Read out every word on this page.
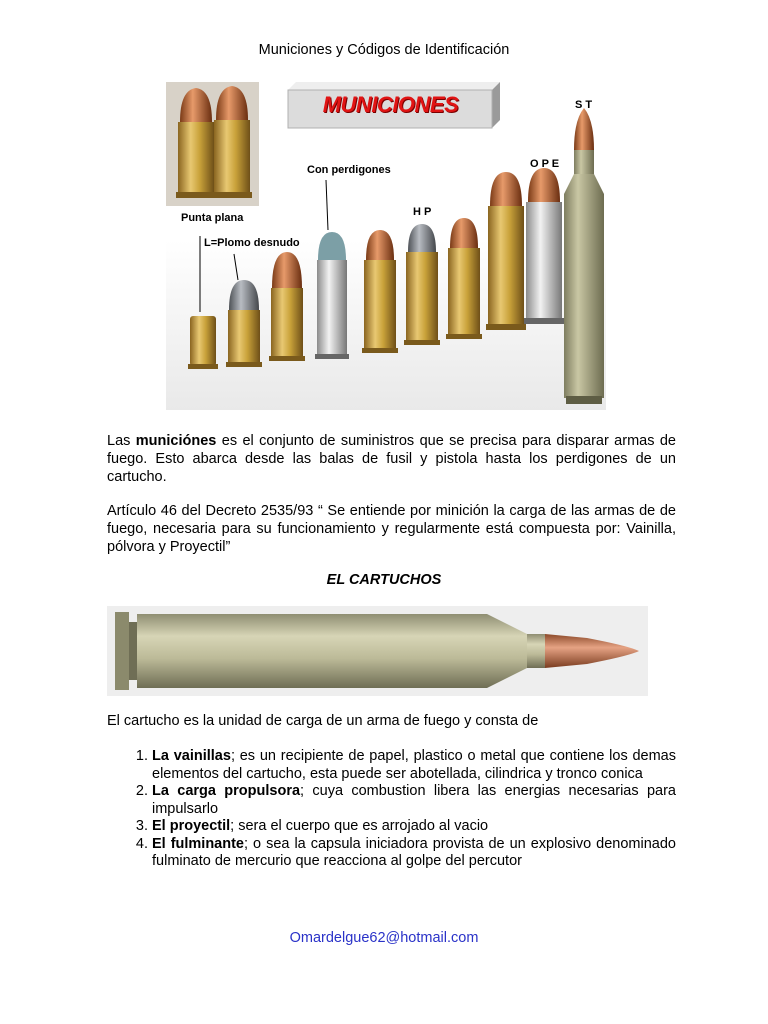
Municiones y Códigos de Identificación
MUNICIONES
Punta plana
L=Plomo desnudo
Con perdigones
H P
O P E
S T
Las municiónes es el conjunto de suministros que se precisa para disparar armas de fuego. Esto abarca desde las balas de fusil y pistola hasta los perdigones de un cartucho.
Artículo 46 del Decreto 2535/93 “ Se entiende por minición la carga de las armas de de fuego, necesaria para su funcionamiento y regularmente está compuesta por: Vainilla, pólvora y Proyectil”
EL CARTUCHOS
El cartucho es la unidad de carga de un arma de fuego y consta de
1. La vainillas; es un recipiente de papel, plastico o metal que contiene los demas elementos del cartucho, esta puede ser abotellada, cilindrica y tronco conica
2. La carga propulsora; cuya combustion libera las energias necesarias para impulsarlo
3. El proyectil; sera el cuerpo que es arrojado al vacio
4. El fulminante; o sea la capsula iniciadora provista de un explosivo denominado fulminato de mercurio que reacciona al golpe del percutor
Omardelgue62@hotmail.com
